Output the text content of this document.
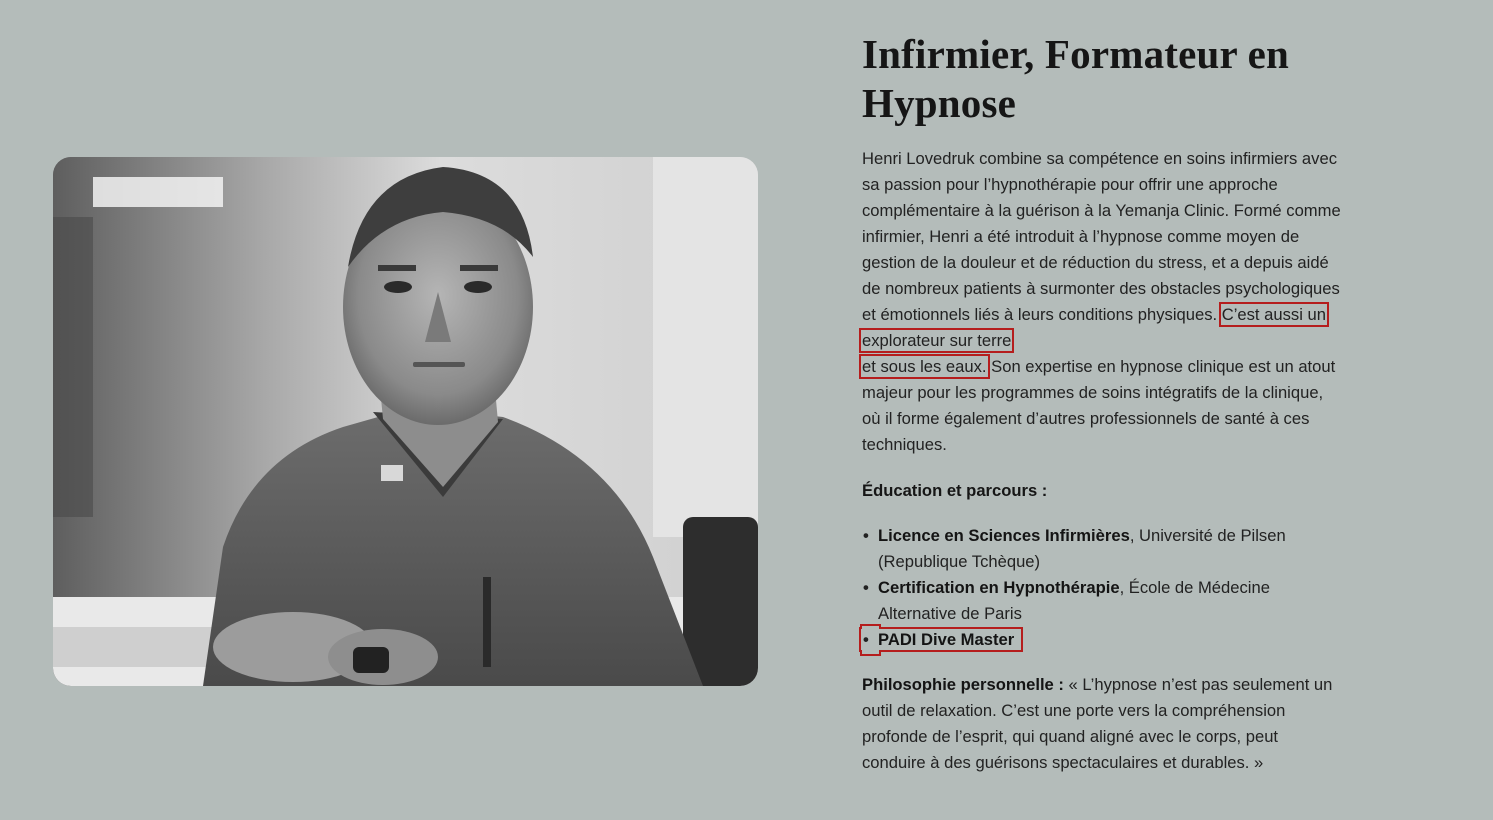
Infirmier, Formateur en Hypnose

Henri Lovedruk combine sa compétence en soins infirmiers avec sa passion pour l’hypnothérapie pour offrir une approche complémentaire à la guérison à la Yemanja Clinic. Formé comme infirmier, Henri a été introduit à l’hypnose comme moyen de gestion de la douleur et de réduction du stress, et a depuis aidé de nombreux patients à surmonter des obstacles psychologiques et émotionnels liés à leurs conditions physiques. C’est aussi un explorateur sur terre
et sous les eaux. Son expertise en hypnose clinique est un atout majeur pour les programmes de soins intégratifs de la clinique, où il forme également d’autres professionnels de santé à ces techniques.

Éducation et parcours :

• Licence en Sciences Infirmières, Université de Pilsen (Republique Tchèque)
• Certification en Hypnothérapie, École de Médecine Alternative de Paris
•PADI Dive Master

Philosophie personnelle : « L’hypnose n’est pas seulement un outil de relaxation. C’est une porte vers la compréhension profonde de l’esprit, qui quand aligné avec le corps, peut conduire à des guérisons spectaculaires et durables. »
